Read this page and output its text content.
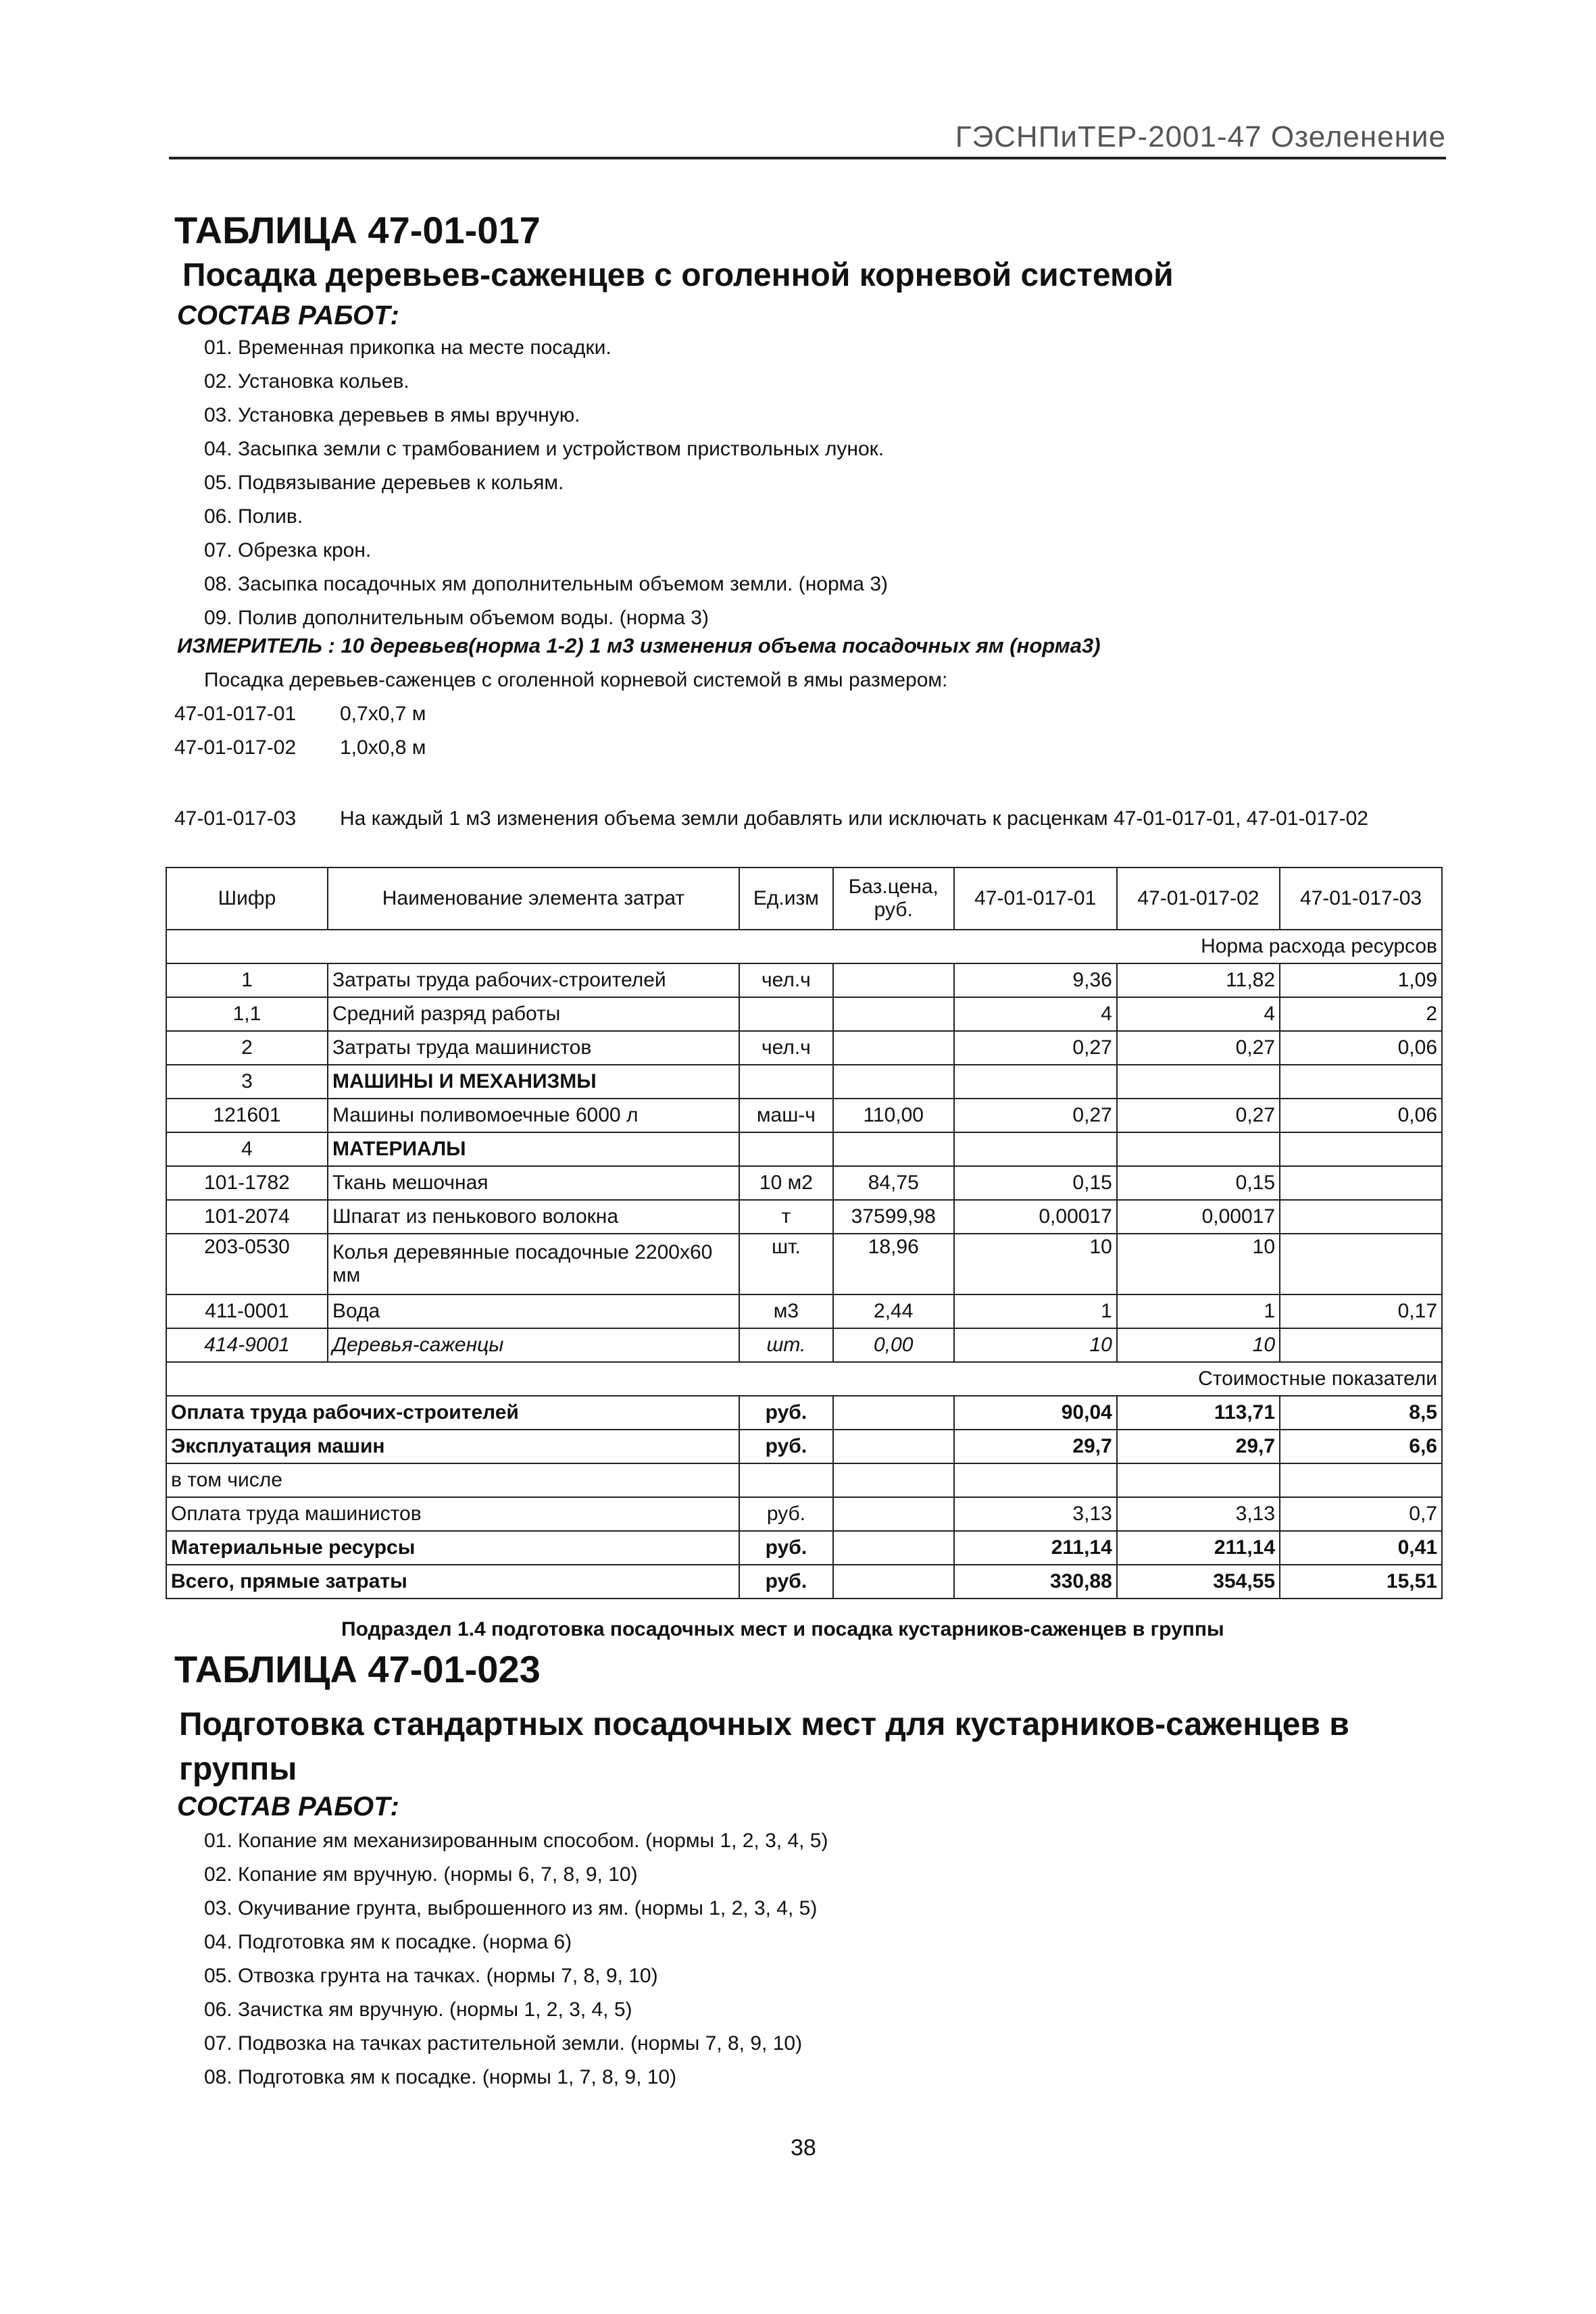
ГЭСНПиТЕР-2001-47 Озеленение
ТАБЛИЦА 47-01-017
Посадка деревьев-саженцев с оголенной корневой системой
СОСТАВ РАБОТ:
01. Временная прикопка на месте посадки.
02. Установка кольев.
03. Установка деревьев в ямы вручную.
04. Засыпка земли с трамбованием и устройством приствольных лунок.
05. Подвязывание деревьев к кольям.
06. Полив.
07. Обрезка крон.
08. Засыпка посадочных ям дополнительным объемом земли. (норма 3)
09. Полив дополнительным объемом воды. (норма 3)
ИЗМЕРИТЕЛЬ : 10 деревьев(норма 1-2) 1 м3 изменения объема посадочных ям (норма3)
Посадка деревьев-саженцев с оголенной корневой системой в ямы размером:
47-01-017-01 0,7х0,7 м
47-01-017-02 1,0х0,8 м
47-01-017-03 На каждый 1 м3 изменения объема земли добавлять или исключать к расценкам 47-01-017-01, 47-01-017-02
Шифр	Наименование элемента затрат	Ед.изм	Баз.цена, руб.	47-01-017-01	47-01-017-02	47-01-017-03
Норма расхода ресурсов						
1	Затраты труда рабочих-строителей	чел.ч		9,36	11,82	1,09
1,1	Средний разряд работы			4	4	2
2	Затраты труда машинистов	чел.ч		0,27	0,27	0,06
3	МАШИНЫ И МЕХАНИЗМЫ					
121601	Машины поливомоечные 6000 л	маш-ч	110,00	0,27	0,27	0,06
4	МАТЕРИАЛЫ					
101-1782	Ткань мешочная	10 м2	84,75	0,15	0,15	
101-2074	Шпагат из пенькового волокна	т	37599,98	0,00017	0,00017	
203-0530	Колья деревянные посадочные 2200х60 мм	шт.	18,96	10	10	
411-0001	Вода	м3	2,44	1	1	0,17
414-9001	Деревья-саженцы	шт.	0,00	10	10	
Стоимостные показатели						
Оплата труда рабочих-строителей		руб.		90,04	113,71	8,5
Эксплуатация машин		руб.		29,7	29,7	6,6
в том числе						
Оплата труда машинистов		руб.		3,13	3,13	0,7
Материальные ресурсы		руб.		211,14	211,14	0,41
Всего, прямые затраты		руб.		330,88	354,55	15,51
Подраздел 1.4 подготовка посадочных мест и посадка кустарников-саженцев в группы
ТАБЛИЦА 47-01-023
Подготовка стандартных посадочных мест для кустарников-саженцев в группы
СОСТАВ РАБОТ:
01. Копание ям механизированным способом. (нормы 1, 2, 3, 4, 5)
02. Копание ям вручную. (нормы 6, 7, 8, 9, 10)
03. Окучивание грунта, выброшенного из ям. (нормы 1, 2, 3, 4, 5)
04. Подготовка ям к посадке. (норма 6)
05. Отвозка грунта на тачках. (нормы 7, 8, 9, 10)
06. Зачистка ям вручную. (нормы 1, 2, 3, 4, 5)
07. Подвозка на тачках растительной земли. (нормы 7, 8, 9, 10)
08. Подготовка ям к посадке. (нормы 1, 7, 8, 9, 10)
38
